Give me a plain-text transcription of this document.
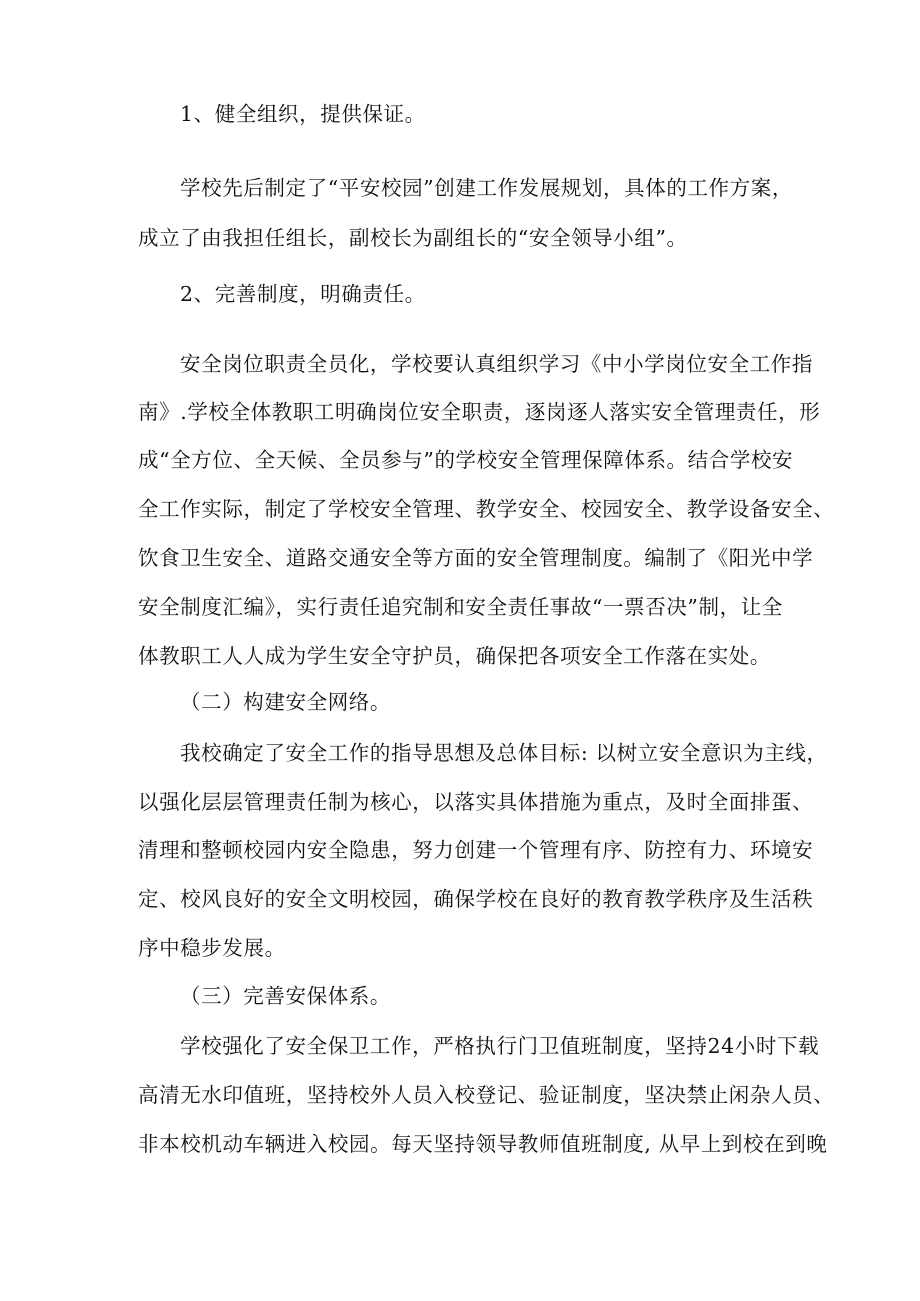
1、健全组织，提供保证。
学校先后制定了“平安校园”创建工作发展规划，具体的工作方案，
成立了由我担任组长，副校长为副组长的“安全领导小组”。
2、完善制度，明确责任。
安全岗位职责全员化，学校要认真组织学习《中小学岗位安全工作指
南》.学校全体教职工明确岗位安全职责，逐岗逐人落实安全管理责任，形
成“全方位、全天候、全员参与”的学校安全管理保障体系。结合学校安
全工作实际，制定了学校安全管理、教学安全、校园安全、教学设备安全、
饮食卫生安全、道路交通安全等方面的安全管理制度。编制了《阳光中学
安全制度汇编》，实行责任追究制和安全责任事故“一票否决”制，让全
体教职工人人成为学生安全守护员，确保把各项安全工作落在实处。
（二）构建安全网络。
我校确定了安全工作的指导思想及总体目标: 以树立安全意识为主线，
以强化层层管理责任制为核心，以落实具体措施为重点，及时全面排蛋、
清理和整顿校园内安全隐患，努力创建一个管理有序、防控有力、环境安
定、校风良好的安全文明校园，确保学校在良好的教育教学秩序及生活秩
序中稳步发展。
（三）完善安保体系。
学校强化了安全保卫工作，严格执行门卫值班制度，坚持24小时下载
高清无水印值班，坚持校外人员入校登记、验证制度，坚决禁止闲杂人员、
非本校机动车辆进入校园。每天坚持领导教师值班制度, 从早上到校在到晚
